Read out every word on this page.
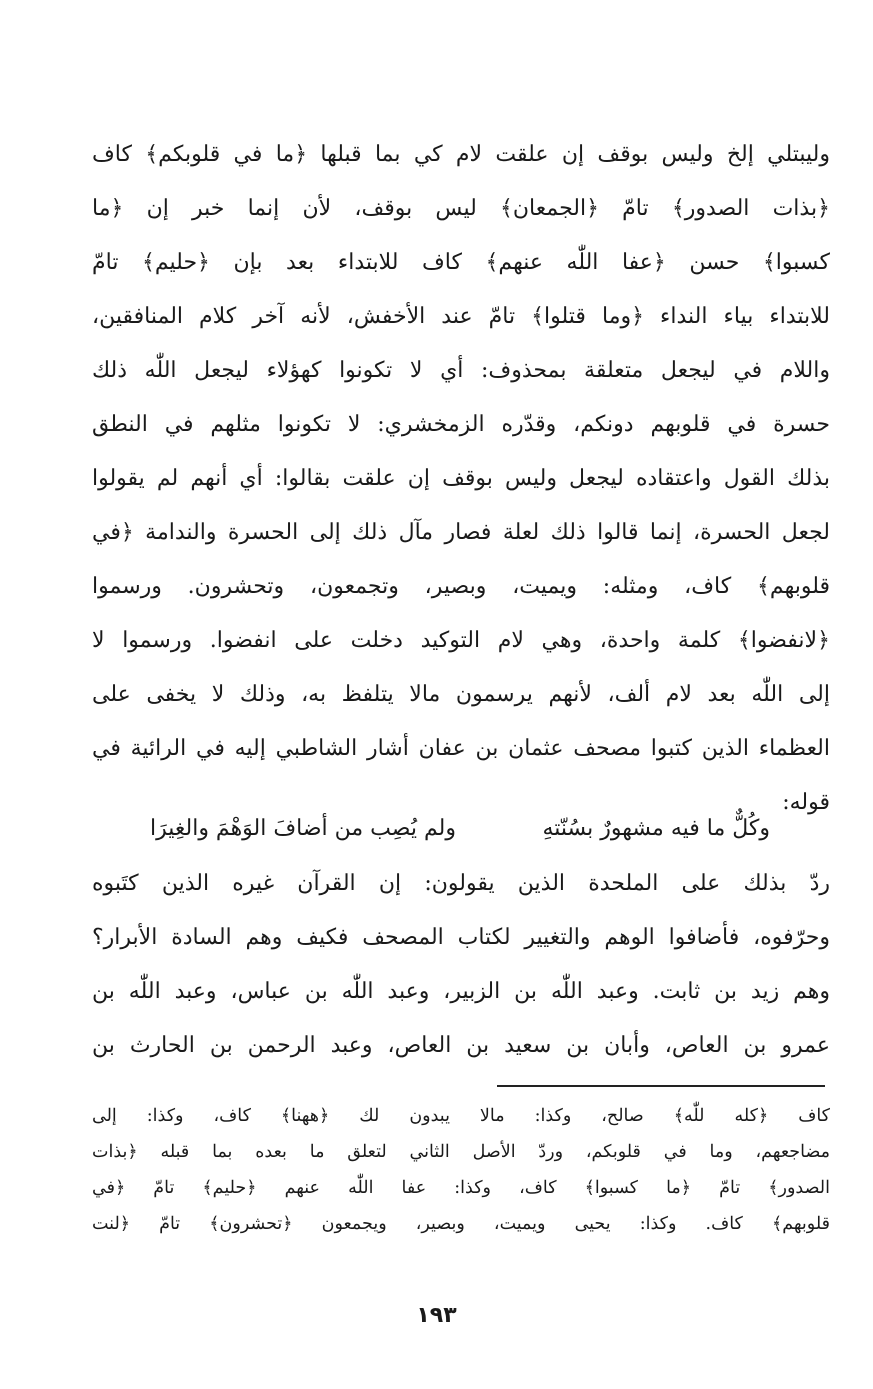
وليبتلي إلخ وليس بوقف إن علقت لام كي بما قبلها ﴿ما في قلوبكم﴾ كاف
﴿بذات الصدور﴾ تامّ ﴿الجمعان﴾ ليس بوقف، لأن إنما خبر إن ﴿ما
كسبوا﴾ حسن ﴿عفا اللّٰه عنهم﴾ كاف للابتداء بعد بإن ﴿حليم﴾ تامّ
للابتداء بياء النداء ﴿وما قتلوا﴾ تامّ عند الأخفش، لأنه آخر كلام المنافقين،
واللام في ليجعل متعلقة بمحذوف: أي لا تكونوا كهؤلاء ليجعل اللّٰه ذلك
حسرة في قلوبهم دونكم، وقدّره الزمخشري: لا تكونوا مثلهم في النطق
بذلك القول واعتقاده ليجعل وليس بوقف إن علقت بقالوا: أي أنهم لم يقولوا
لجعل الحسرة، إنما قالوا ذلك لعلة فصار مآل ذلك إلى الحسرة والندامة ﴿في
قلوبهم﴾ كاف، ومثله: ويميت، وبصير، وتجمعون، وتحشرون. ورسموا
﴿لانفضوا﴾ كلمة واحدة، وهي لام التوكيد دخلت على انفضوا. ورسموا لا
إلى اللّٰه بعد لام ألف، لأنهم يرسمون مالا يتلفظ به، وذلك لا يخفى على
العظماء الذين كتبوا مصحف عثمان بن عفان أشار الشاطبي إليه في الرائية في
قوله:
وكُلٌّ ما فيه مشهورٌ بسُنّتهِ
ولم يُصِب من أضافَ الوَهْمَ والغِيرَا
ردّ بذلك على الملحدة الذين يقولون: إن القرآن غيره الذين كتَبوه
وحرّفوه، فأضافوا الوهم والتغيير لكتاب المصحف فكيف وهم السادة الأبرار؟
وهم زيد بن ثابت. وعبد اللّٰه بن الزبير، وعبد اللّٰه بن عباس، وعبد اللّٰه بن
عمرو بن العاص، وأبان بن سعيد بن العاص، وعبد الرحمن بن الحارث بن
كاف ﴿كله للّٰه﴾ صالح، وكذا: مالا يبدون لك ﴿ههنا﴾ كاف، وكذا: إلى
مضاجعهم، وما في قلوبكم، وردّ الأصل الثاني لتعلق ما بعده بما قبله ﴿بذات
الصدور﴾ تامّ ﴿ما كسبوا﴾ كاف، وكذا: عفا اللّٰه عنهم ﴿حليم﴾ تامّ ﴿في
قلوبهم﴾ كاف. وكذا: يحيى ويميت، وبصير، ويجمعون ﴿تحشرون﴾ تامّ ﴿لنت
١٩٣
